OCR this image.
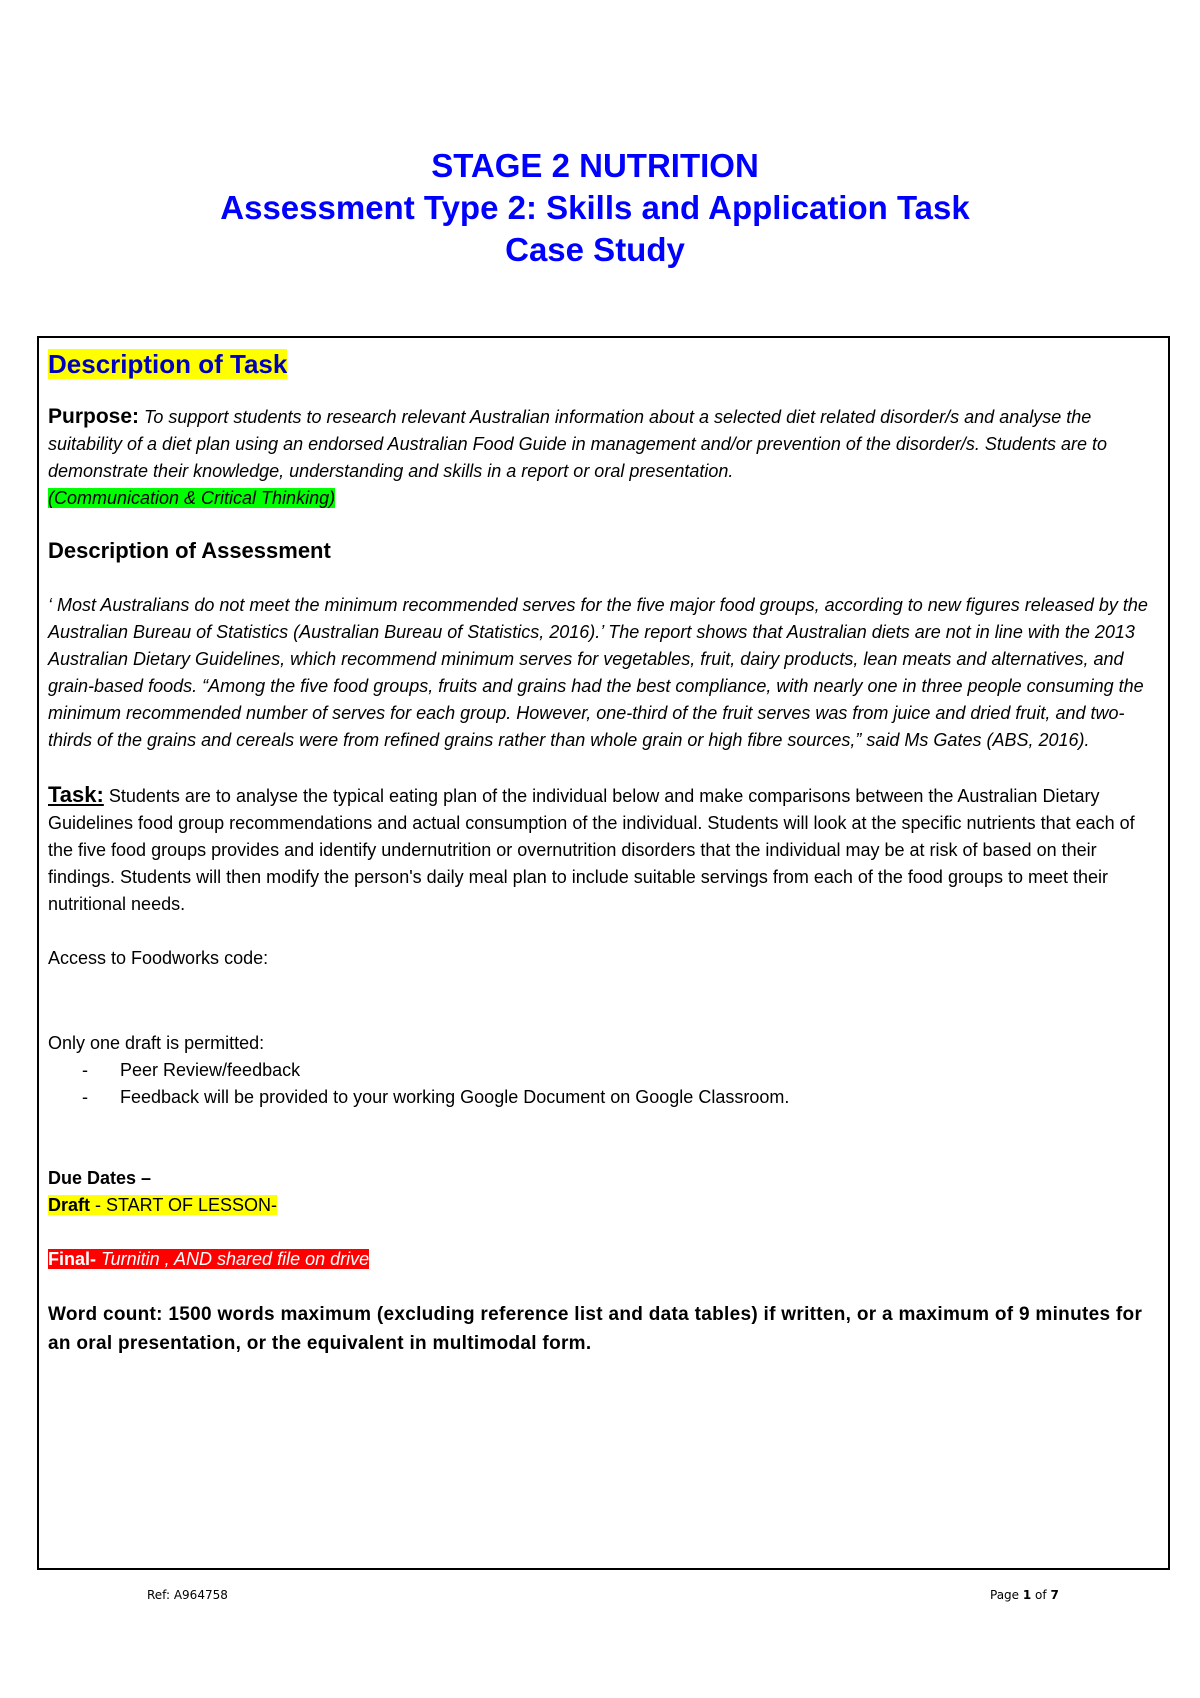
STAGE 2 NUTRITION
Assessment Type 2: Skills and Application Task
Case Study
Description of Task

Purpose: To support students to research relevant Australian information about a selected diet related disorder/s and analyse the suitability of a diet plan using an endorsed Australian Food Guide in management and/or prevention of the disorder/s. Students are to demonstrate their knowledge, understanding and skills in a report or oral presentation.

(Communication & Critical Thinking)

Description of Assessment

‘ Most Australians do not meet the minimum recommended serves for the five major food groups, according to new figures released by the Australian Bureau of Statistics (Australian Bureau of Statistics, 2016).’ The report shows that Australian diets are not in line with the 2013 Australian Dietary Guidelines, which recommend minimum serves for vegetables, fruit, dairy products, lean meats and alternatives, and grain-based foods. “Among the five food groups, fruits and grains had the best compliance, with nearly one in three people consuming the minimum recommended number of serves for each group. However, one-third of the fruit serves was from juice and dried fruit, and two-thirds of the grains and cereals were from refined grains rather than whole grain or high fibre sources,” said Ms Gates (ABS, 2016).

Task: Students are to analyse the typical eating plan of the individual below and make comparisons between the Australian Dietary Guidelines food group recommendations and actual consumption of the individual. Students will look at the specific nutrients that each of the five food groups provides and identify undernutrition or overnutrition disorders that the individual may be at risk of based on their findings. Students will then modify the person's daily meal plan to include suitable servings from each of the food groups to meet their nutritional needs.

Access to Foodworks code:

Only one draft is permitted:

- Peer Review/feedback
- Feedback will be provided to your working Google Document on Google Classroom.

Due Dates –

Draft - START OF LESSON-

Final- Turnitin , AND shared file on drive

Word count: 1500 words maximum (excluding reference list and data tables) if written, or a maximum of 9 minutes for an oral presentation, or the equivalent in multimodal form.

Ref: A964758	Page 1 of 7
